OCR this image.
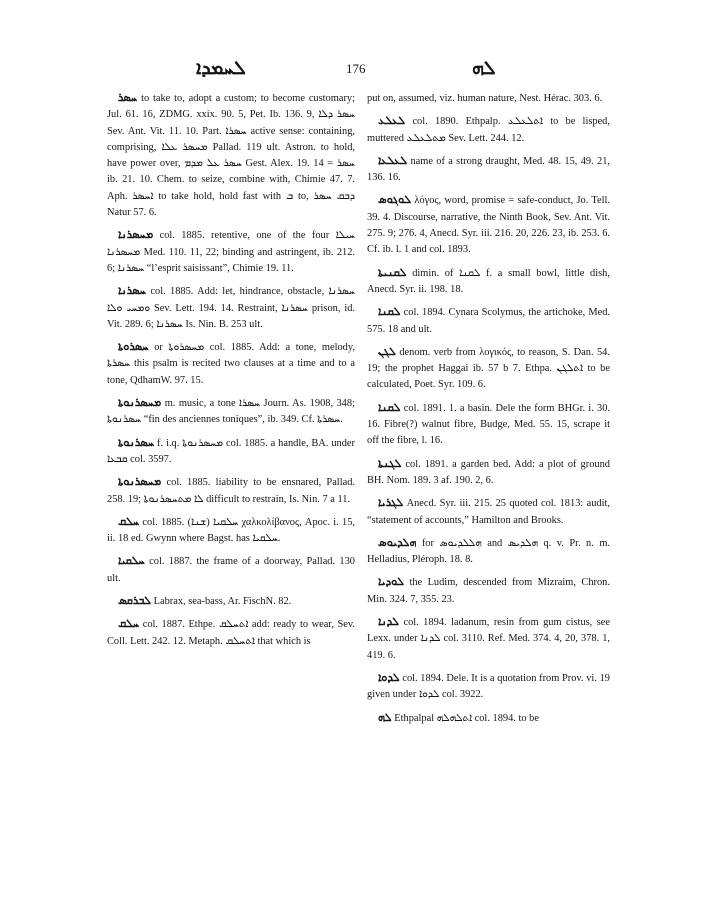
ܠܚܡܕܐ	176	ܠܗ

ܚܣܪ to take to, adopt a custom; to become customary; Jul. 61. 16, ZDMG. xxix. 90. 5, Pet. Ib. 136. 9, ܚܣܪ ܕܠܐ Sev. Ant. Vit. 11. 10. Part. ܚܣܪܐ active sense: containing, comprising, ܡܚܣܪ ܥܠܐ Pallad. 119 ult. Astron. to hold, have power over, ܚܣܪ ܥܠ ܡܕܡ Gest. Alex. 19. 14 = ܚܣܪ ib. 21. 10. Chem. to seize, combine with, Chimie 47. 7. Aph. ܐܚܣܪ to take hold, hold fast with ܒ to, ܕܒܩ ܚܣܪ Natur 57. 6.

ܡܚܣܪܢܐ col. 1885. retentive, one of the four ܚܝܠܐ ܡܚܣܪܢܐ Med. 110. 11, 22; binding and astringent, ib. 212. 6; ܚܣܪܢܐ “l’esprit saisissant”, Chimie 19. 11.

ܚܣܪܢܐ col. 1885. Add: let, hindrance, obstacle, ܚܣܪܢܐ ܘܡܚܝ ܘܠܐ Sev. Lett. 194. 14. Restraint, ܚܣܪܢܐ prison, id. Vit. 289. 6; ܚܣܪܢܐ Is. Nin. B. 253 ult.

ܚܣܪܘܬܐ or ܡܚܣܪܘܬܐ col. 1885. Add: a tone, melody, ܚܣܪܬܐ this psalm is recited two clauses at a time and to a tone, QdhamW. 97. 15.

ܡܚܣܪܢܘܬܐ m. music, a tone ܚܣܪܐ Journ. As. 1908, 348; ܚܣܪܢܘܬܐ “fin des anciennes toniques”, ib. 349. Cf. ܚܣܪܬܐ.

ܚܣܪܢܘܬܐ f. i.q. ܡܚܣܪܢܘܬܐ col. 1885. a handle, BA. under ܩܒܥܐ col. 3597.

ܡܚܣܪܢܘܬܐ col. 1885. liability to be ensnared, Pallad. 258. 19; ܠܐ ܡܬܚܣܪܢܘܬܐ difficult to restrain, Is. Nin. 7 a 11.

ܚܠܩ col. 1885. ܚܠܩܝܐ (ܫܢܐ) χαλκολίβανος, Apoc. i. 15, ii. 18 ed. Gwynn where Bagst. has ܚܠܩܝܐ.

ܚܠܩܝܐ col. 1887. the frame of a doorway, Pallad. 130 ult.

ܠܒܪܩܣ Labrax, sea-bass, Ar. FischN. 82.

ܚܠܩ col. 1887. Ethpe. ܐܬܚܠܩ add: ready to wear, Sev. Coll. Lett. 242. 12. Metaph. ܐܬܚܠܩ that which is

put on, assumed, viz. human nature, Nest. Hérac. 303. 6.

ܠܥܠܥ col. 1890. Ethpalp. ܐܬܠܥܠܥ to be lisped, muttered ܡܬܠܥܠܥ Sev. Lett. 244. 12.

ܠܥܠܥܐ name of a strong draught, Med. 48. 15, 49. 21, 136. 16.

ܠܘܓܘܣ λόγος, word, promise = safe-conduct, Jo. Tell. 39. 4. Discourse, narrative, the Ninth Book, Sev. Ant. Vit. 275. 9; 276. 4, Anecd. Syr. iii. 216. 20, 226. 23, ib. 253. 6. Cf. ib. l. 1 and col. 1893.

ܠܩܢܝܬܐ dimin. of ܠܩܢܐ f. a small bowl, little dish, Anecd. Syr. ii. 198. 18.

ܠܩܢܐ col. 1894. Cynara Scolymus, the artichoke, Med. 575. 18 and ult.

ܠܓܢ denom. verb from λογικός, to reason, S. Dan. 54. 19; the prophet Haggai ib. 57 b 7. Ethpa. ܐܬܠܓܢ to be calculated, Poet. Syr. 109. 6.

ܠܩܢܐ col. 1891. 1. a basin. Dele the form BHGr. i. 30. 16. Fibre(?) walnut fibre, Budge, Med. 55. 15, scrape it off the fibre, l. 16.

ܠܓܢܬܐ col. 1891. a garden bed. Add: a plot of ground BH. Nom. 189. 3 af. 190. 2, 6.

ܠܓܪܝܐ Anecd. Syr. iii. 215. 25 quoted col. 1813: audit, “statement of accounts,” Hamilton and Brooks.

ܗܠܕܝܘܣ for ܗܠܠܕܝܘܣ and ܗܠܕܝܣ q. v. Pr. n. m. Helladius, Pléroph. 18. 8.

ܠܘܕܝܐ the Ludim, descended from Mizraim, Chron. Min. 324. 7, 355. 23.

ܠܕܢܐ col. 1894. ladanum, resin from gum cistus, see Lexx. under ܠܕܢܐ col. 3110. Ref. Med. 374. 4, 20, 378. 1, 419. 6.

ܠܕܘܐ col. 1894. Dele. It is a quotation from Prov. vi. 19 given under ܠܕܘܐ col. 3922.

ܠܗ Ethpalpal ܐܬܠܗܠܗ col. 1894. to be
